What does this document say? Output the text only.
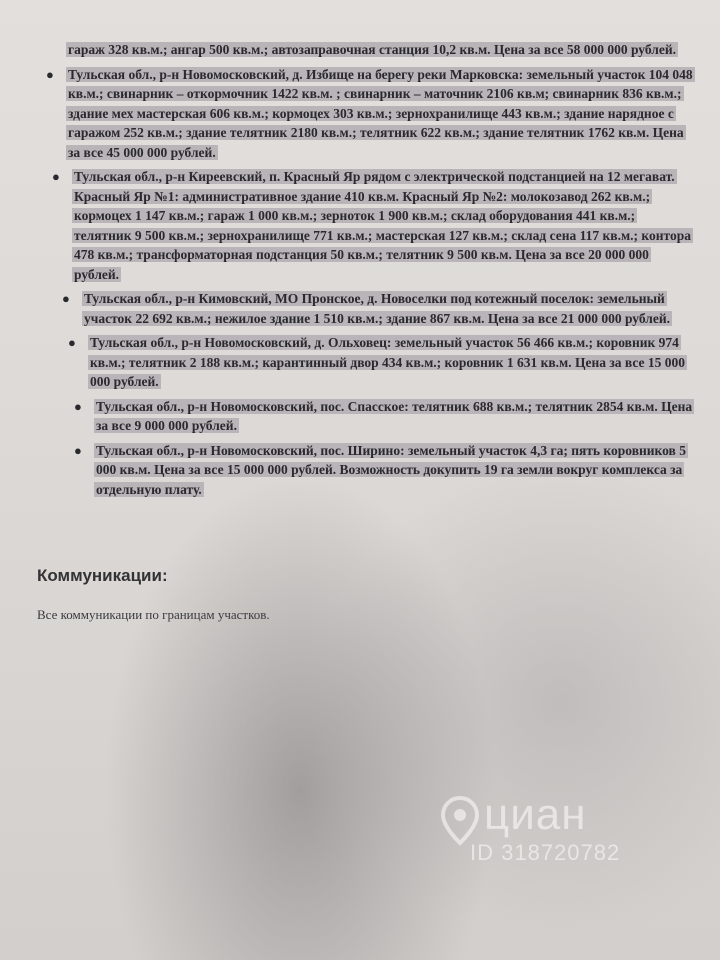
гараж 328 кв.м.; ангар 500 кв.м.; автозаправочная станция 10,2 кв.м. Цена за все 58 000 000 рублей.
● Тульская обл., р-н Новомосковский, д. Избище на берегу реки Марковска: земельный участок 104 048 кв.м.; свинарник – откормочник 1422 кв.м. ; свинарник – маточник 2106 кв.м; свинарник 836 кв.м.; здание мех мастерская 606 кв.м.; кормоцех 303 кв.м.; зернохранилище 443 кв.м.; здание нарядное с гаражом 252 кв.м.; здание телятник 2180 кв.м.; телятник 622 кв.м.; здание телятник 1762 кв.м. Цена за все 45 000 000 рублей.
● Тульская обл., р-н Киреевский, п. Красный Яр рядом с электрической подстанцией на 12 мегават. Красный Яр №1: административное здание 410 кв.м. Красный Яр №2: молокозавод 262 кв.м.; кормоцех 1 147 кв.м.; гараж 1 000 кв.м.; зерноток 1 900 кв.м.; склад оборудования 441 кв.м.; телятник 9 500 кв.м.; зернохранилище 771 кв.м.; мастерская 127 кв.м.; склад сена 117 кв.м.; контора 478 кв.м.; трансформаторная подстанция 50 кв.м.; телятник 9 500 кв.м. Цена за все 20 000 000 рублей.
● Тульская обл., р-н Кимовский, МО Пронское, д. Новоселки под котежный поселок: земельный участок 22 692 кв.м.; нежилое здание 1 510 кв.м.; здание 867 кв.м. Цена за все 21 000 000 рублей.
● Тульская обл., р-н Новомосковский, д. Ольховец: земельный участок 56 466 кв.м.; коровник 974 кв.м.; телятник 2 188 кв.м.; карантинный двор 434 кв.м.; коровник 1 631 кв.м. Цена за все 15 000 000 рублей.
● Тульская обл., р-н Новомосковский, пос. Спасское: телятник 688 кв.м.; телятник 2854 кв.м. Цена за все 9 000 000 рублей.
● Тульская обл., р-н Новомосковский, пос. Ширино: земельный участок 4,3 га; пять коровников 5 000 кв.м. Цена за все 15 000 000 рублей. Возможность докупить 19 га земли вокруг комплекса за отдельную плату.
Коммуникации:
Все коммуникации по границам участков.
циан
ID 318720782
